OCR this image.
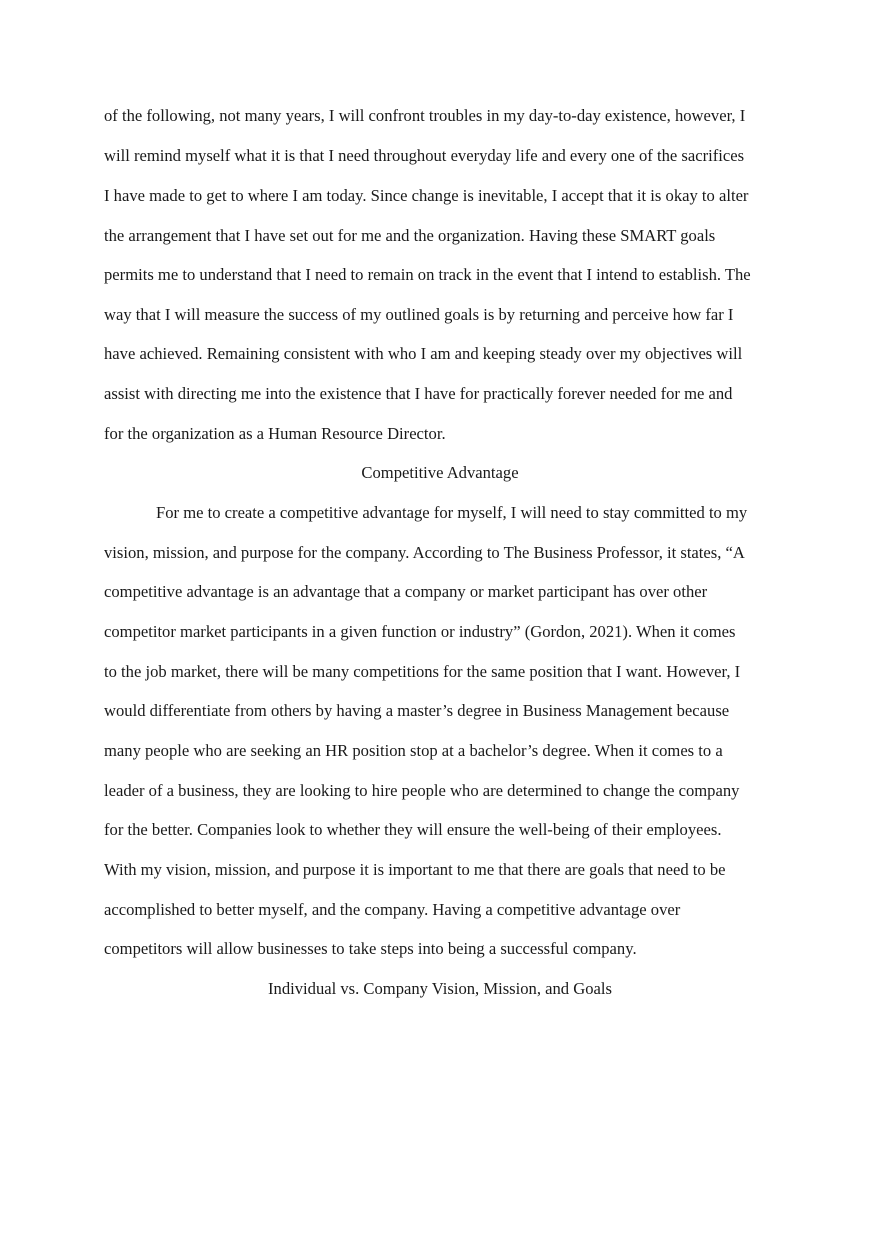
of the following, not many years, I will confront troubles in my day-to-day existence, however, I

will remind myself what it is that I need throughout everyday life and every one of the sacrifices

I have made to get to where I am today. Since change is inevitable, I accept that it is okay to alter

the arrangement that I have set out for me and the organization. Having these SMART goals

permits me to understand that I need to remain on track in the event that I intend to establish. The

way that I will measure the success of my outlined goals is by returning and perceive how far I

have achieved. Remaining consistent with who I am and keeping steady over my objectives will

assist with directing me into the existence that I have for practically forever needed for me and

for the organization as a Human Resource Director.

Competitive Advantage

For me to create a competitive advantage for myself, I will need to stay committed to my

vision, mission, and purpose for the company. According to The Business Professor, it states, “A

competitive advantage is an advantage that a company or market participant has over other

competitor market participants in a given function or industry” (Gordon, 2021). When it comes

to the job market, there will be many competitions for the same position that I want. However, I

would differentiate from others by having a master’s degree in Business Management because

many people who are seeking an HR position stop at a bachelor’s degree. When it comes to a

leader of a business, they are looking to hire people who are determined to change the company

for the better. Companies look to whether they will ensure the well-being of their employees.

With my vision, mission, and purpose it is important to me that there are goals that need to be

accomplished to better myself, and the company. Having a competitive advantage over

competitors will allow businesses to take steps into being a successful company.

Individual vs. Company Vision, Mission, and Goals
